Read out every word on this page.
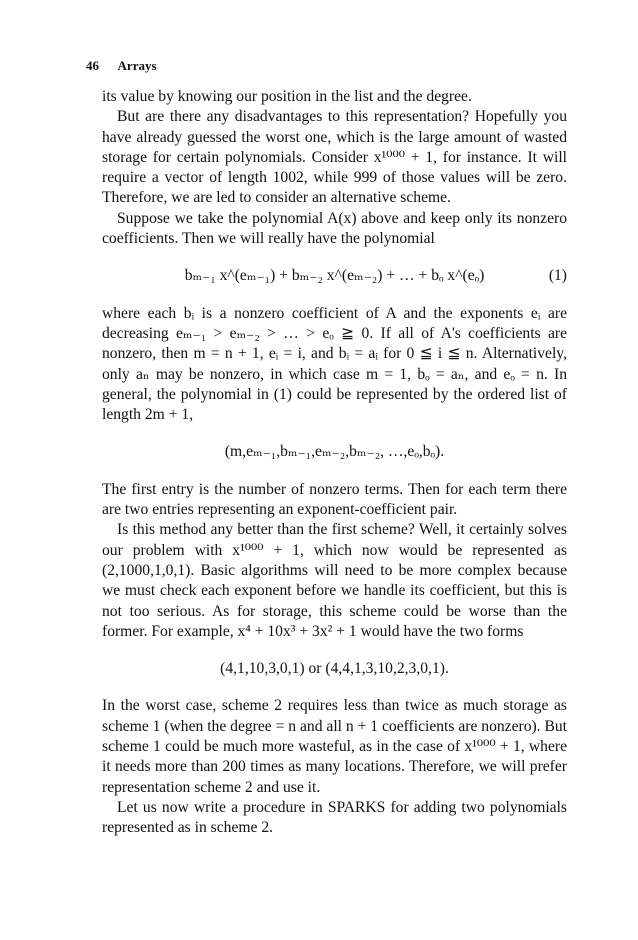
46 Arrays

its value by knowing our position in the list and the degree.

But are there any disadvantages to this representation? Hopefully you have already guessed the worst one, which is the large amount of wasted storage for certain polynomials. Consider x¹⁰⁰⁰ + 1, for instance. It will require a vector of length 1002, while 999 of those values will be zero. Therefore, we are led to consider an alternative scheme.

Suppose we take the polynomial A(x) above and keep only its nonzero coefficients. Then we will really have the polynomial

bₘ₋₁ x^(eₘ₋₁) + bₘ₋₂ x^(eₘ₋₂) + … + bₒ x^(eₒ)	(1)

where each bᵢ is a nonzero coefficient of A and the exponents eᵢ are decreasing eₘ₋₁ > eₘ₋₂ > … > eₒ ≧ 0. If all of A's coefficients are nonzero, then m = n + 1, eᵢ = i, and bᵢ = aᵢ for 0 ≦ i ≦ n. Alternatively, only aₙ may be nonzero, in which case m = 1, bₒ = aₙ, and eₒ = n. In general, the polynomial in (1) could be represented by the ordered list of length 2m + 1,

(m,eₘ₋₁,bₘ₋₁,eₘ₋₂,bₘ₋₂, …,eₒ,bₒ).

The first entry is the number of nonzero terms. Then for each term there are two entries representing an exponent-coefficient pair.

Is this method any better than the first scheme? Well, it certainly solves our problem with x¹⁰⁰⁰ + 1, which now would be represented as (2,1000,1,0,1). Basic algorithms will need to be more complex because we must check each exponent before we handle its coefficient, but this is not too serious. As for storage, this scheme could be worse than the former. For example, x⁴ + 10x³ + 3x² + 1 would have the two forms

(4,1,10,3,0,1) or (4,4,1,3,10,2,3,0,1).

In the worst case, scheme 2 requires less than twice as much storage as scheme 1 (when the degree = n and all n + 1 coefficients are nonzero). But scheme 1 could be much more wasteful, as in the case of x¹⁰⁰⁰ + 1, where it needs more than 200 times as many locations. Therefore, we will prefer representation scheme 2 and use it.

Let us now write a procedure in SPARKS for adding two polynomials represented as in scheme 2.
